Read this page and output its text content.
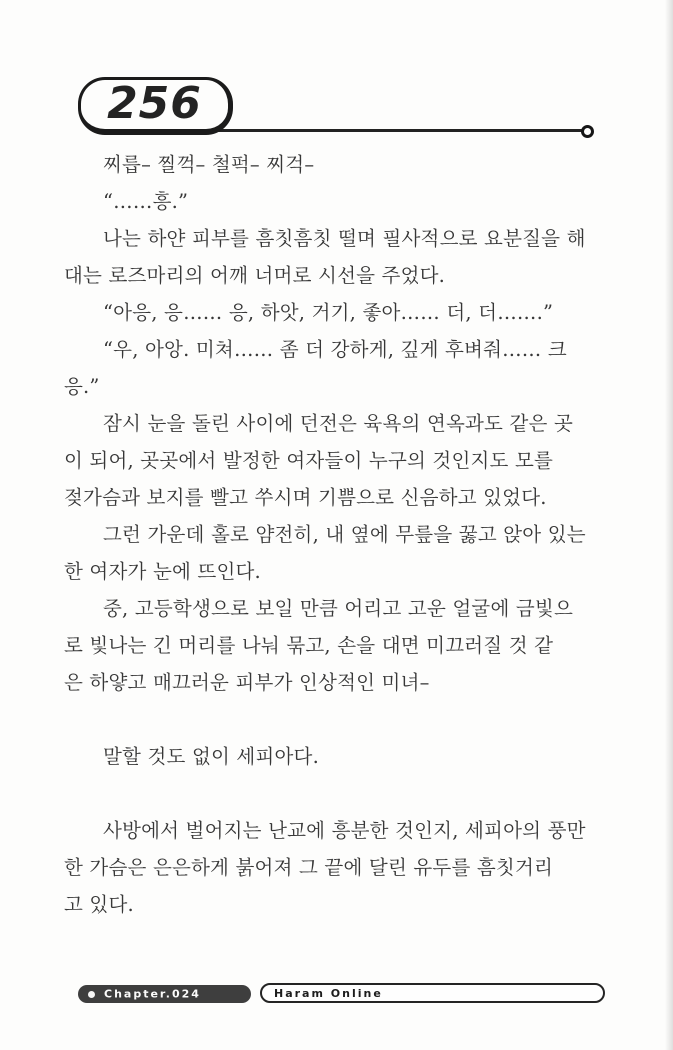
256
찌릅– 찔꺽– 철퍽– 찌걱–
“……흥.”
나는 하얀 피부를 흠칫흠칫 떨며 필사적으로 요분질을 해
대는 로즈마리의 어깨 너머로 시선을 주었다.
“아응, 응…… 응, 하앗, 거기, 좋아…… 더, 더…….”
“우, 아앙. 미쳐…… 좀 더 강하게, 깊게 후벼줘…… 크
응.”
잠시 눈을 돌린 사이에 던전은 육욕의 연옥과도 같은 곳
이 되어, 곳곳에서 발정한 여자들이 누구의 것인지도 모를
젖가슴과 보지를 빨고 쑤시며 기쁨으로 신음하고 있었다.
그런 가운데 홀로 얌전히, 내 옆에 무릎을 꿇고 앉아 있는
한 여자가 눈에 뜨인다.
중, 고등학생으로 보일 만큼 어리고 고운 얼굴에 금빛으
로 빛나는 긴 머리를 나눠 묶고, 손을 대면 미끄러질 것 같
은 하얗고 매끄러운 피부가 인상적인 미녀–

말할 것도 없이 세피아다.

사방에서 벌어지는 난교에 흥분한 것인지, 세피아의 풍만
한 가슴은 은은하게 붉어져 그 끝에 달린 유두를 흠칫거리
고 있다.
Chapter.024	Haram Online
